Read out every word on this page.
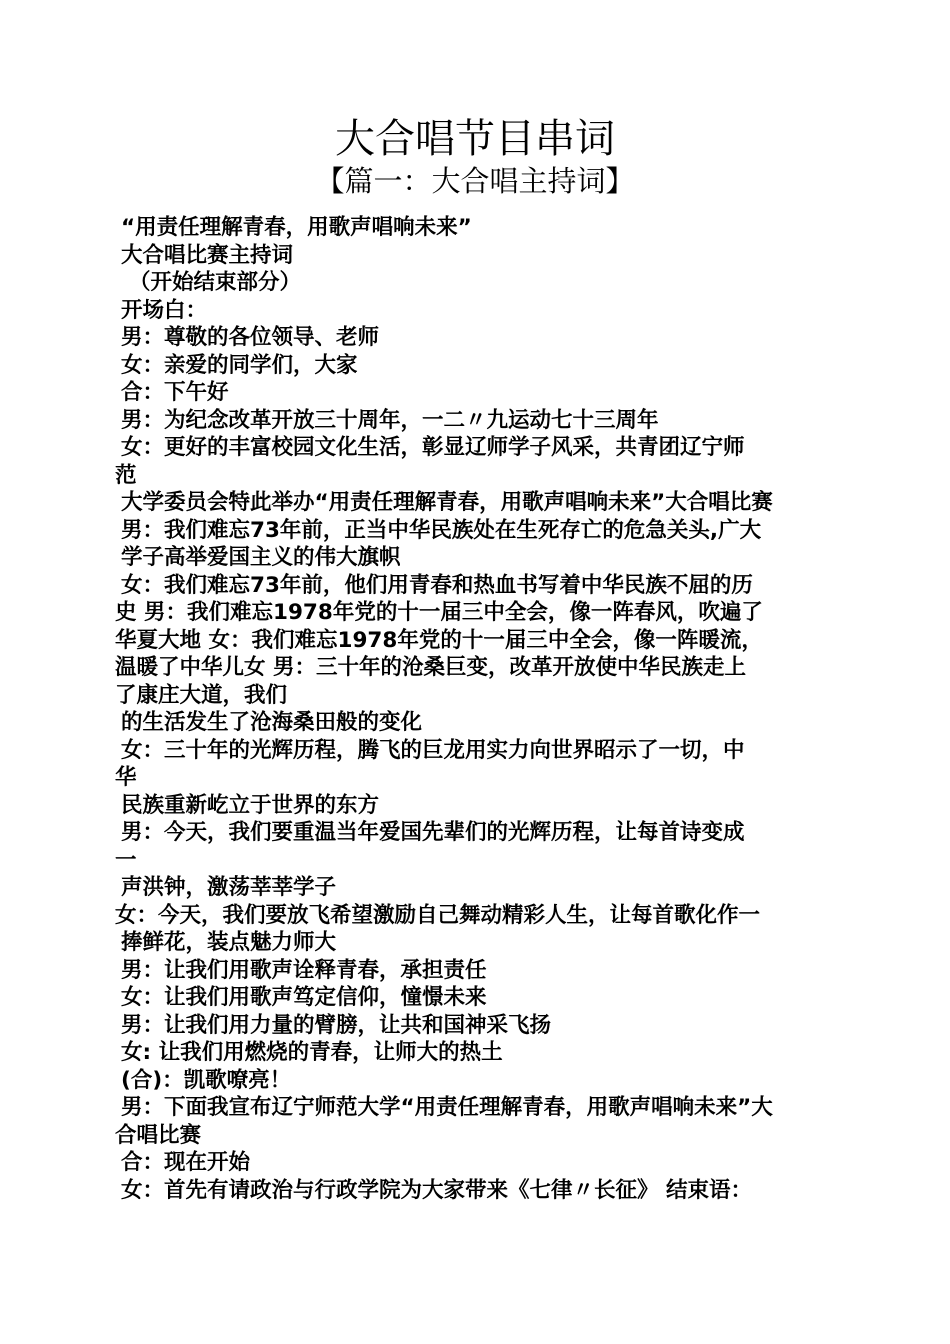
大合唱节目串词
【篇一：大合唱主持词】
“用责任理解青春，用歌声唱响未来”
大合唱比赛主持词
（开始结束部分）
开场白：
男：尊敬的各位领导、老师
女：亲爱的同学们，大家
合：下午好
男：为纪念改革开放三十周年，一二〃九运动七十三周年
女：更好的丰富校园文化生活，彰显辽师学子风采，共青团辽宁师
范
大学委员会特此举办“用责任理解青春，用歌声唱响未来”大合唱比赛
男：我们难忘73年前，正当中华民族处在生死存亡的危急关头,广大
学子高举爱国主义的伟大旗帜
女：我们难忘73年前，他们用青春和热血书写着中华民族不屈的历
史 男：我们难忘1978年党的十一届三中全会，像一阵春风，吹遍了
华夏大地 女：我们难忘1978年党的十一届三中全会，像一阵暖流，
温暖了中华儿女 男：三十年的沧桑巨变，改革开放使中华民族走上
了康庄大道，我们
的生活发生了沧海桑田般的变化
女：三十年的光辉历程，腾飞的巨龙用实力向世界昭示了一切，中
华
民族重新屹立于世界的东方
男：今天，我们要重温当年爱国先辈们的光辉历程，让每首诗变成
一
声洪钟，激荡莘莘学子
女：今天，我们要放飞希望激励自己舞动精彩人生，让每首歌化作一
捧鲜花，装点魅力师大
男：让我们用歌声诠释青春，承担责任
女：让我们用歌声笃定信仰，憧憬未来
男：让我们用力量的臂膀，让共和国神采飞扬
女: 让我们用燃烧的青春，让师大的热土
(合)：凯歌嘹亮！
男：下面我宣布辽宁师范大学“用责任理解青春，用歌声唱响未来”大
合唱比赛
合：现在开始
女：首先有请政治与行政学院为大家带来《七律〃长征》 结束语：
